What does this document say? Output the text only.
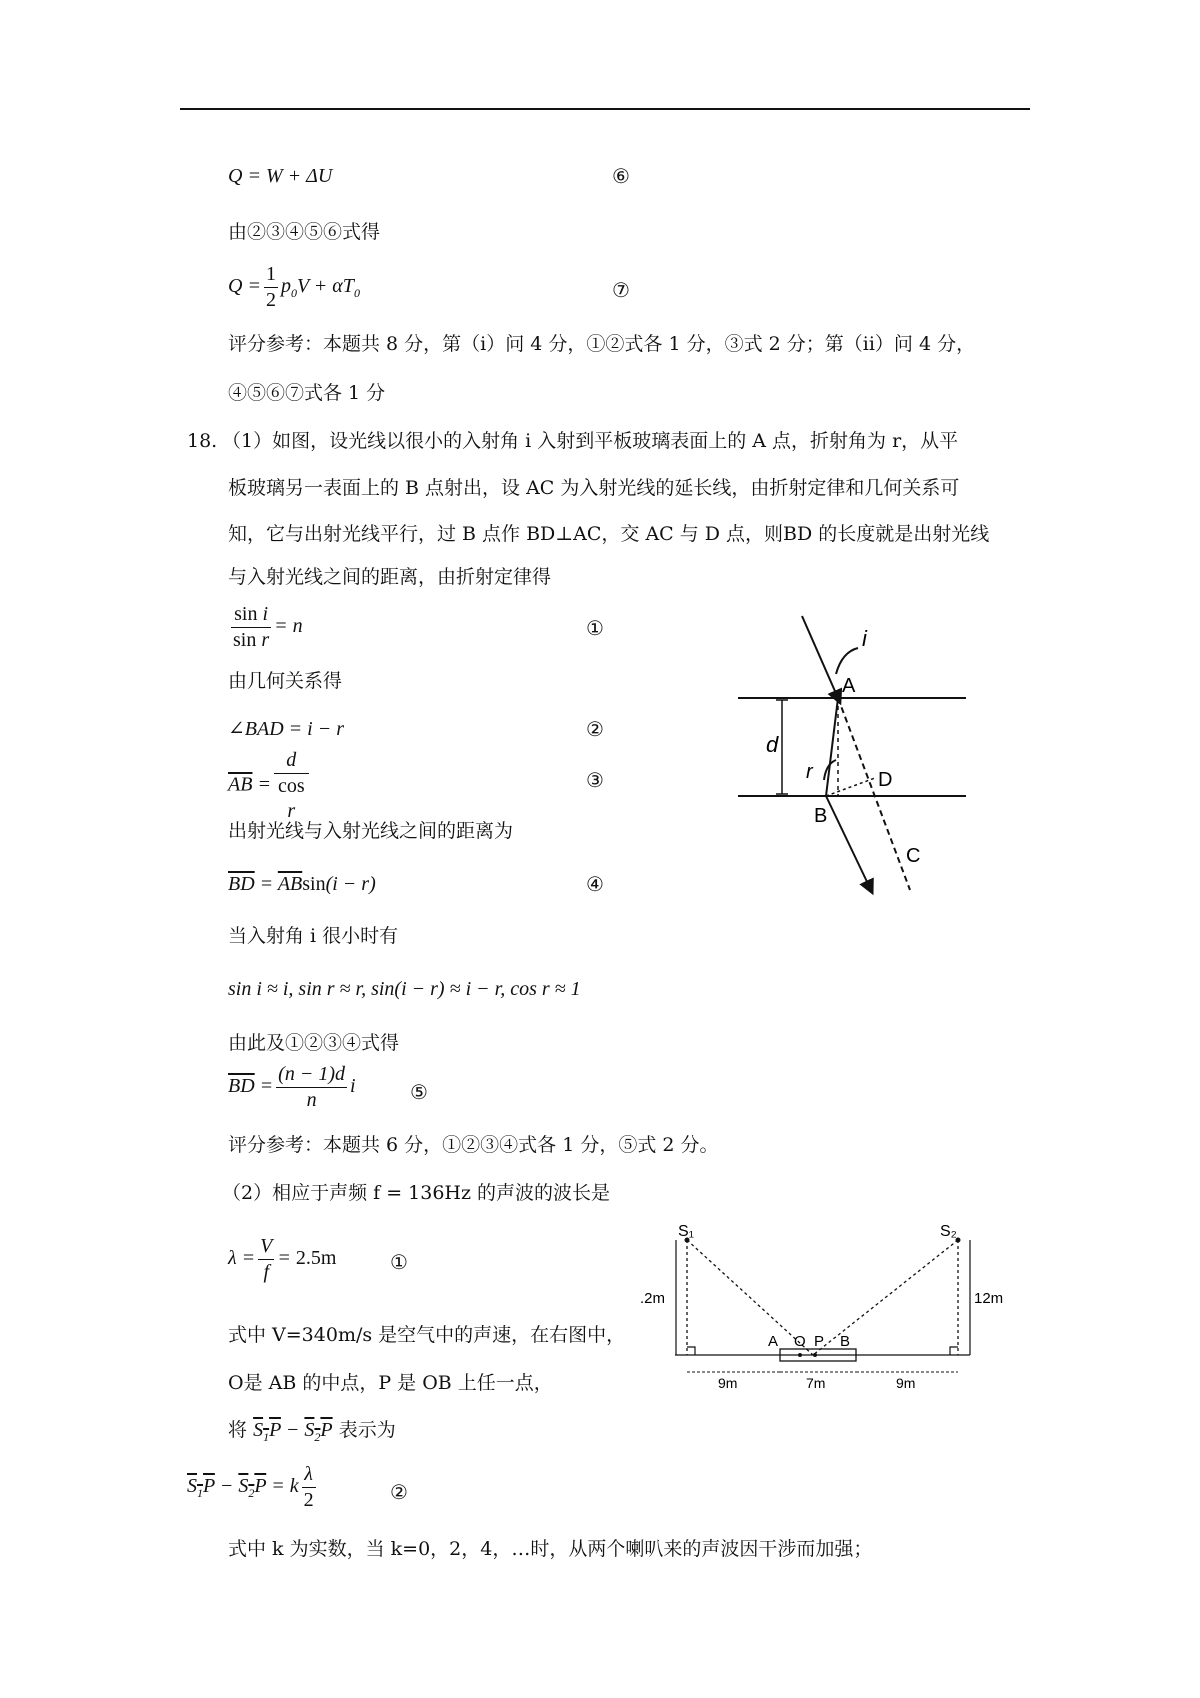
Q = W + ΔU	⑥
由②③④⑤⑥式得
$Q = \frac{1}{2} p_0V + \alpha T_0$	⑦
评分参考：本题共 8 分，第（i）问 4 分，①②式各 1 分，③式 2 分；第（ii）问 4 分，
④⑤⑥⑦式各 1 分
18. （1）如图，设光线以很小的入射角 i 入射到平板玻璃表面上的 A 点，折射角为 r，从平
板玻璃另一表面上的 B 点射出，设 AC 为入射光线的延长线，由折射定律和几何关系可
知，它与出射光线平行，过 B 点作 BD⊥AC，交 AC 与 D 点，则BD 的长度就是出射光线
与入射光线之间的距离，由折射定律得
$\frac{\text{sin i}}{\text{sin r}} = n$	①
由几何关系得
∠BAD = i − r	②
$\overline{AB} = d$
cos
r	③
出射光线与入射光线之间的距离为
$\overline{BD} = \overline{AB}\sin(i - r)$	④
当入射角 i 很小时有
sin i ≈ i, sin r ≈ r, sin(i − r) ≈ i − r, cos r ≈ 1
由此及①②③④式得
$\overline{BD} = \frac{(n - 1)d}{n}$ i	⑤
评分参考：本题共 6 分，①②③④式各 1 分，⑤式 2 分。
（2）相应于声频 f = 136Hz 的声波的波长是
$\lambda = \frac{V}{f} = 2.5m$	①
式中 V=340m/s 是空气中的声速，在右图中，
O是 AB 的中点，P 是 OB 上任一点，
将 $S_1P - S_2P$ 表示为
$S_1P - S_2P = k \frac{\lambda}{2}$	②
式中 k 为实数，当 k=0，2，4，…时，从两个喇叭来的声波因干涉而加强；
i
A
d
r	D
B
C
S₁	S₂
.2m	12m
A O P B
9m	7m	9m
